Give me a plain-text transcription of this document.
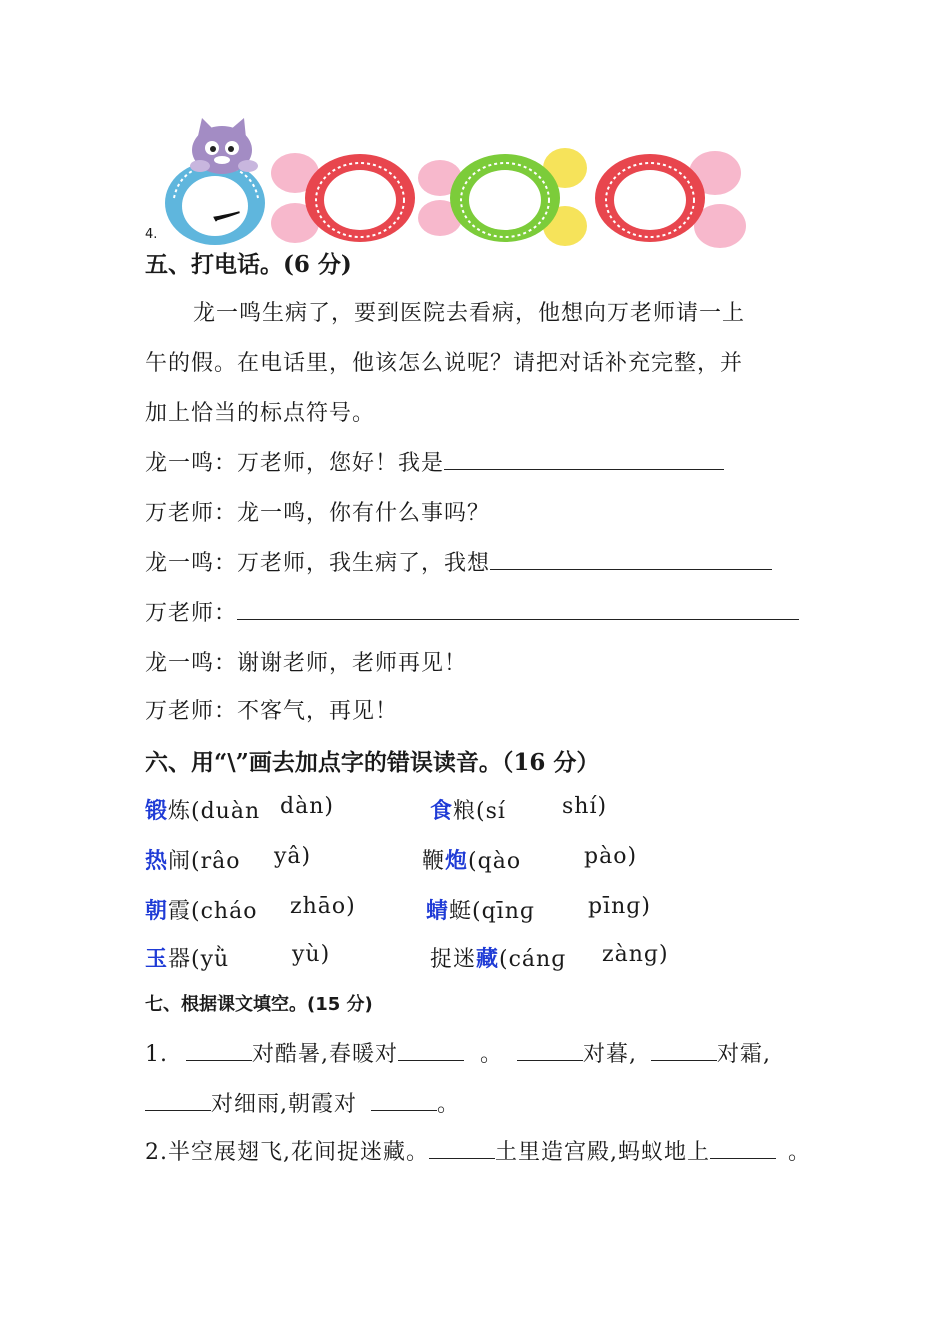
㇀
4.
五、打电话。(6 分)
龙一鸣生病了，要到医院去看病，他想向万老师请一上
午的假。在电话里，他该怎么说呢？请把对话补充完整，并
加上恰当的标点符号。
龙一鸣：万老师，您好！我是
万老师：龙一鸣，你有什么事吗？
龙一鸣：万老师，我生病了，我想
万老师：
龙一鸣：谢谢老师，老师再见！
万老师：不客气，再见！
六、用“\”画去加点字的错误读音。（16 分）
锻炼(duàn dàn)	食粮(sí	shí)
热闹(râo yâ)	鞭炮(qào	pào)
朝霞(cháo zhāo)	蜻蜓(qīnɡ pīnɡ)
玉器(yǜ	yù)	捉迷藏(cánɡ zànɡ)
七、根据课文填空。(15 分)
1.	对酷暑,春暖对	。	对暮,	对霜,
对细雨,朝霞对	。
2.半空展翅飞,花间捉迷藏。	土里造宫殿,蚂蚁地上	。
